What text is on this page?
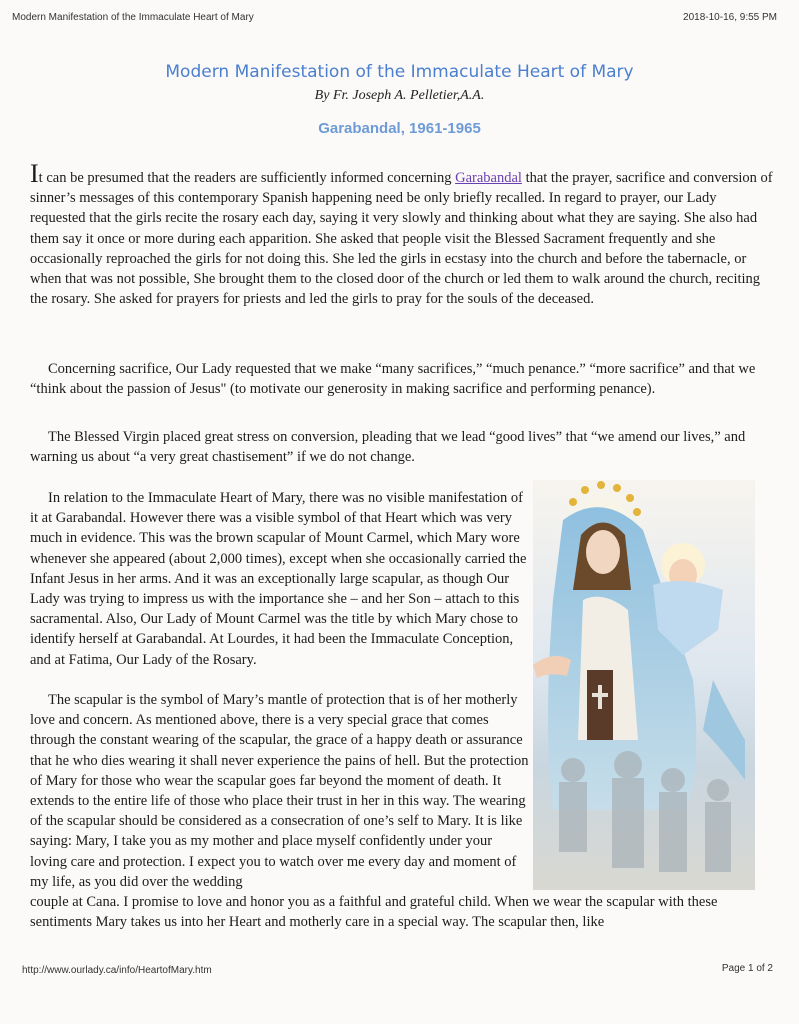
Modern Manifestation of the Immaculate Heart of Mary	2018-10-16, 9:55 PM
Modern Manifestation of the Immaculate Heart of Mary
By Fr. Joseph A. Pelletier,A.A.
Garabandal, 1961-1965

It can be presumed that the readers are sufficiently informed concerning Garabandal that the prayer, sacrifice and conversion of sinner’s messages of this contemporary Spanish happening need be only briefly recalled. In regard to prayer, our Lady requested that the girls recite the rosary each day, saying it very slowly and thinking about what they are saying. She also had them say it once or more during each apparition. She asked that people visit the Blessed Sacrament frequently and she occasionally reproached the girls for not doing this. She led the girls in ecstasy into the church and before the tabernacle, or when that was not possible, She brought them to the closed door of the church or led them to walk around the church, reciting the rosary. She asked for prayers for priests and led the girls to pray for the souls of the deceased.

Concerning sacrifice, Our Lady requested that we make “many sacrifices,” “much penance.” “more sacrifice” and that we “think about the passion of Jesus" (to motivate our generosity in making sacrifice and performing penance).

The Blessed Virgin placed great stress on conversion, pleading that we lead “good lives” that “we amend our lives,” and warning us about “a very great chastisement” if we do not change.

In relation to the Immaculate Heart of Mary, there was no visible manifestation of it at Garabandal. However there was a visible symbol of that Heart which was very much in evidence. This was the brown scapular of Mount Carmel, which Mary wore whenever she appeared (about 2,000 times), except when she occasionally carried the Infant Jesus in her arms. And it was an exceptionally large scapular, as though Our Lady was trying to impress us with the importance she – and her Son – attach to this sacramental. Also, Our Lady of Mount Carmel was the title by which Mary chose to identify herself at Garabandal. At Lourdes, it had been the Immaculate Conception, and at Fatima, Our Lady of the Rosary.

The scapular is the symbol of Mary’s mantle of protection that is of her motherly love and concern. As mentioned above, there is a very special grace that comes through the constant wearing of the scapular, the grace of a happy death or assurance that he who dies wearing it shall never experience the pains of hell. But the protection of Mary for those who wear the scapular goes far beyond the moment of death. It extends to the entire life of those who place their trust in her in this way. The wearing of the scapular should be considered as a consecration of one’s self to Mary. It is like saying: Mary, I take you as my mother and place myself confidently under your loving care and protection. I expect you to watch over me every day and moment of my life, as you did over the wedding

couple at Cana. I promise to love and honor you as a faithful and grateful child. When we wear the scapular with these sentiments Mary takes us into her Heart and motherly care in a special way. The scapular then, like

http://www.ourlady.ca/info/HeartofMary.htm	Page 1 of 2
